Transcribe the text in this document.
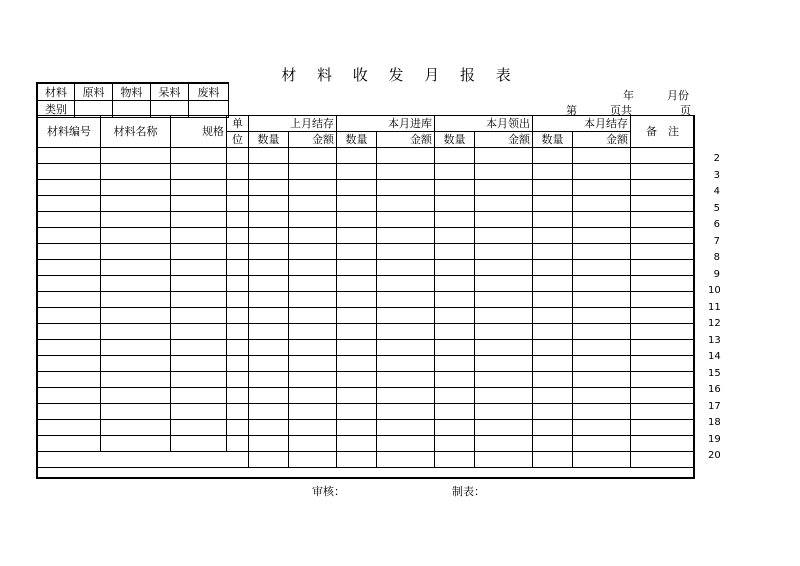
材 料 收 发 月 报 表
材料	原料	物料	呆料	废料
类别				
年	月份
第	页共	页
材料编号	材料名称	规格	单	上月结存		本月进库		本月领出		本月结存		备　注
			位	数量	金额	数量	金额	数量	金额	数量	金额	

2
3
4
5
6
7
8
9
10
11
12
13
14
15
16
17
18
19
20
审核：	制表：
